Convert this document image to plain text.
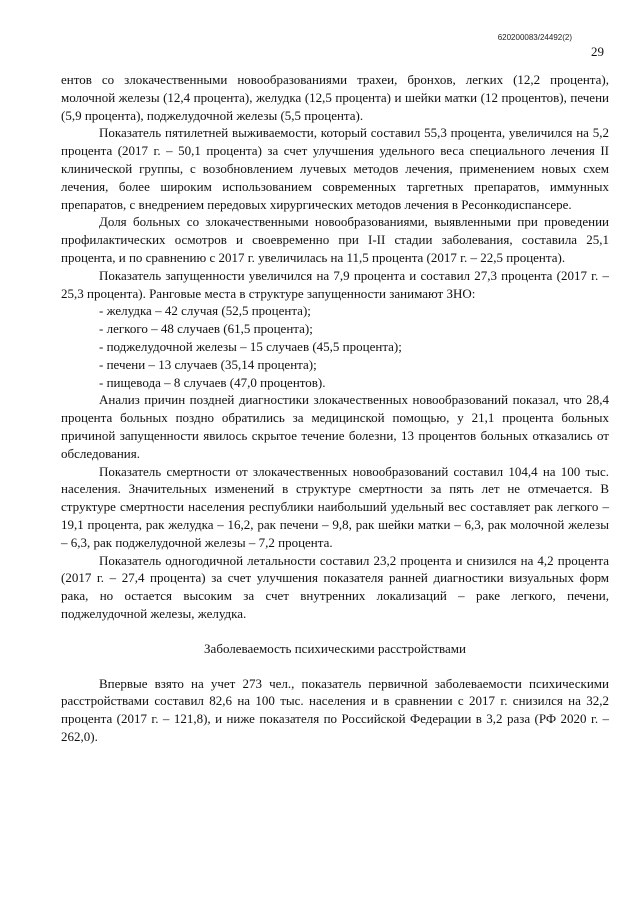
620200083/24492(2)
29

ентов со злокачественными новообразованиями трахеи, бронхов, легких (12,2 процента), молочной железы (12,4 процента), желудка (12,5 процента) и шейки матки (12 процентов), печени (5,9 процента), поджелудочной железы (5,5 процента).

Показатель пятилетней выживаемости, который составил 55,3 процента, увеличился на 5,2 процента (2017 г. – 50,1 процента) за счет улучшения удельного веса специального лечения II клинической группы, с возобновлением лучевых методов лечения, применением новых схем лечения, более широким использованием современных таргетных препаратов, иммунных препаратов, с внедрением передовых хирургических методов лечения в Ресонкодиспансере.

Доля больных со злокачественными новообразованиями, выявленными при проведении профилактических осмотров и своевременно при I-II стадии заболевания, составила 25,1 процента, и по сравнению с 2017 г. увеличилась на 11,5 процента (2017 г. – 22,5 процента).

Показатель запущенности увеличился на 7,9 процента и составил 27,3 процента (2017 г. – 25,3 процента). Ранговые места в структуре запущенности занимают ЗНО:

- желудка – 42 случая (52,5 процента);

- легкого – 48 случаев (61,5 процента);

- поджелудочной железы – 15 случаев (45,5 процента);

- печени – 13 случаев (35,14 процента);

- пищевода – 8 случаев (47,0 процентов).

Анализ причин поздней диагностики злокачественных новообразований показал, что 28,4 процента больных поздно обратились за медицинской помощью, у 21,1 процента больных причиной запущенности явилось скрытое течение болезни, 13 процентов больных отказались от обследования.

Показатель смертности от злокачественных новообразований составил 104,4 на 100 тыс. населения. Значительных изменений в структуре смертности за пять лет не отмечается. В структуре смертности населения республики наибольший удельный вес составляет рак легкого – 19,1 процента, рак желудка – 16,2, рак печени – 9,8, рак шейки матки – 6,3, рак молочной железы – 6,3, рак поджелудочной железы – 7,2 процента.

Показатель одногодичной летальности составил 23,2 процента и снизился на 4,2 процента (2017 г. – 27,4 процента) за счет улучшения показателя ранней диагностики визуальных форм рака, но остается высоким за счет внутренних локализаций – раке легкого, печени, поджелудочной железы, желудка.

Заболеваемость психическими расстройствами

Впервые взято на учет 273 чел., показатель первичной заболеваемости психическими расстройствами составил 82,6 на 100 тыс. населения и в сравнении с 2017 г. снизился на 32,2 процента (2017 г. – 121,8), и ниже показателя по Российской Федерации в 3,2 раза (РФ 2020 г. – 262,0).
